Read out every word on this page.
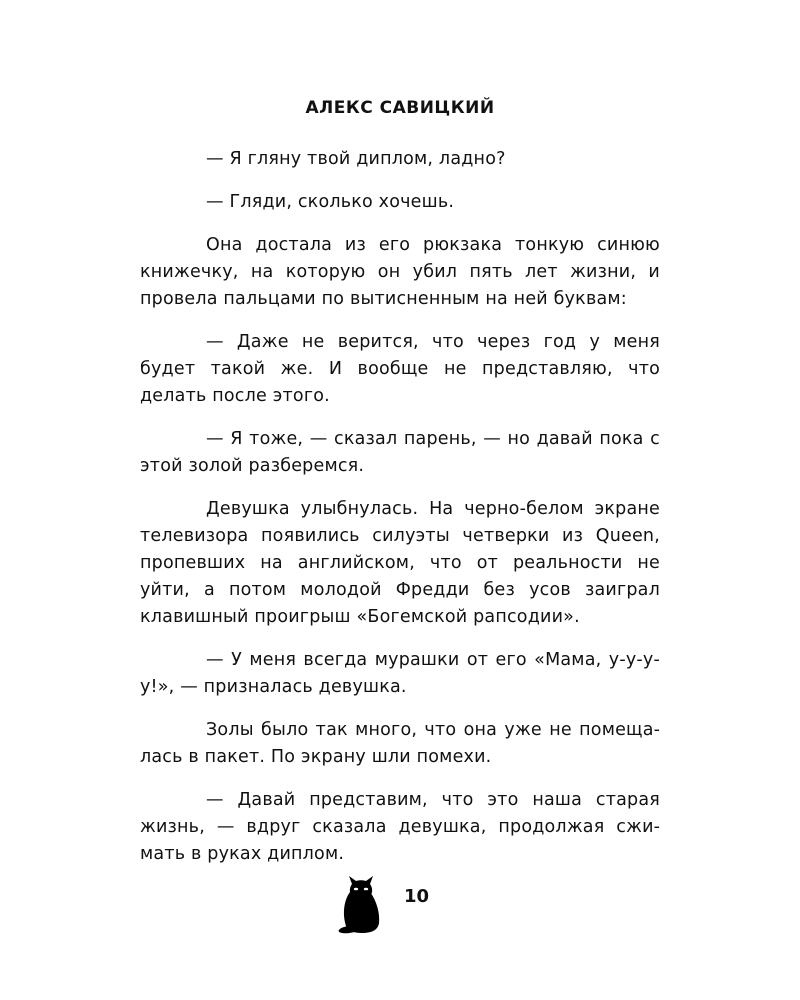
АЛЕКС САВИЦКИЙ

— Я гляну твой диплом, ладно?

— Гляди, сколько хочешь.

Она достала из его рюкзака тонкую синюю книжечку, на которую он убил пять лет жизни, и провела пальцами по вытисненным на ней буквам:

— Даже не верится, что через год у меня будет такой же. И вообще не представляю, что делать после этого.

— Я тоже, — сказал парень, — но давай пока с этой золой разберемся.

Девушка улыбнулась. На черно-белом экране телевизора появились силуэты четверки из Queen, пропевших на английском, что от реальности не уйти, а потом молодой Фредди без усов заиграл клавишный проигрыш «Богемской рапсодии».

— У меня всегда мурашки от его «Мама, у-у-у-у!», — призналась девушка.

Золы было так много, что она уже не помещалась в пакет. По экрану шли помехи.

— Давай представим, что это наша старая жизнь, — вдруг сказала девушка, продолжая сжимать в руках диплом.

10
